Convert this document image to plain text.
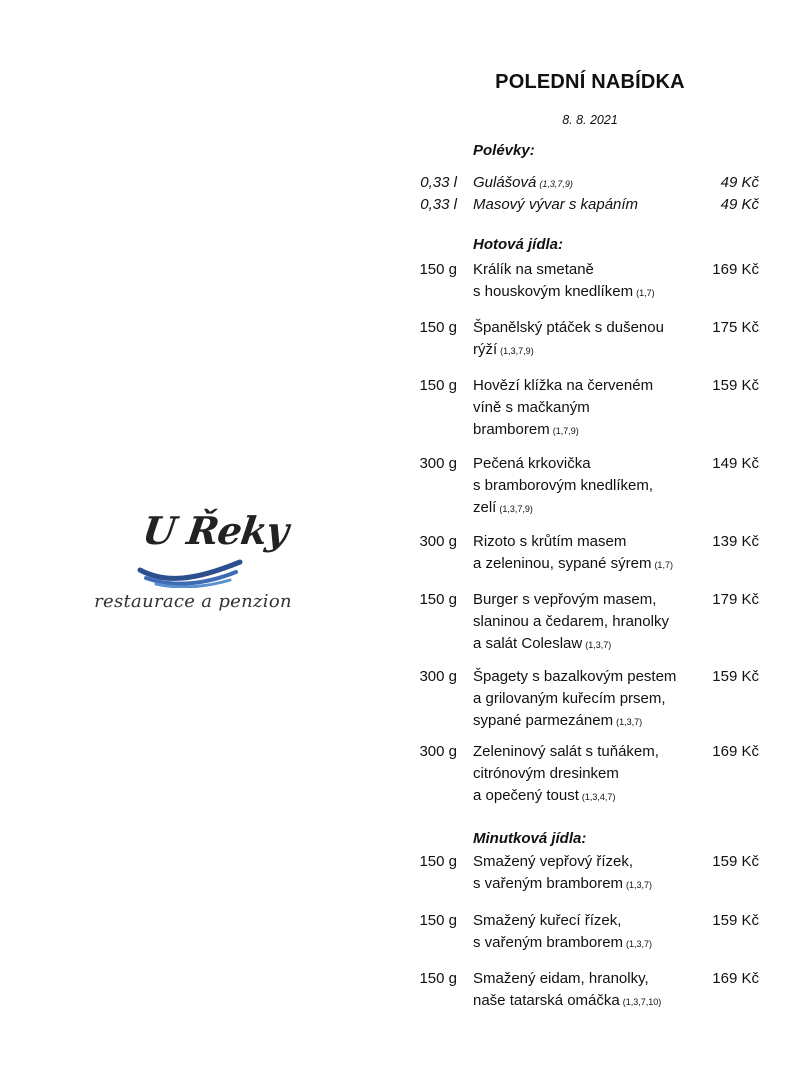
U Řeky
restaurace a penzion
POLEDNÍ NABÍDKA
8. 8. 2021
Polévky:
0,33 l Gulášová (1,3,7,9)	49 Kč
0,33 l Masový vývar s kapáním	49 Kč
Hotová jídla:
150 g Králík na smetaně
s houskovým knedlíkem (1,7)
169 Kč
150 g Španělský ptáček s dušenou
rýží (1,3,7,9)
175 Kč
150 g Hovězí klížka na červeném
víně s mačkaným
bramborem (1,7,9)
159 Kč
300 g Pečená krkovička
s bramborovým knedlíkem,
zelí (1,3,7,9)
149 Kč
300 g Rizoto s krůtím masem
a zeleninou, sypané sýrem (1,7)
139 Kč
150 g Burger s vepřovým masem,
slaninou a čedarem, hranolky
a salát Coleslaw (1,3,7)
179 Kč
300 g Špagety s bazalkovým pestem
a grilovaným kuřecím prsem,
sypané parmezánem (1,3,7)
159 Kč
300 g Zeleninový salát s tuňákem,
citrónovým dresinkem
a opečený toust (1,3,4,7)
169 Kč
Minutková jídla:
150 g Smažený vepřový řízek,
s vařeným bramborem (1,3,7)
159 Kč
150 g Smažený kuřecí řízek,
s vařeným bramborem (1,3,7)
159 Kč
150 g Smažený eidam, hranolky,
naše tatarská omáčka (1,3,7,10)
169 Kč
